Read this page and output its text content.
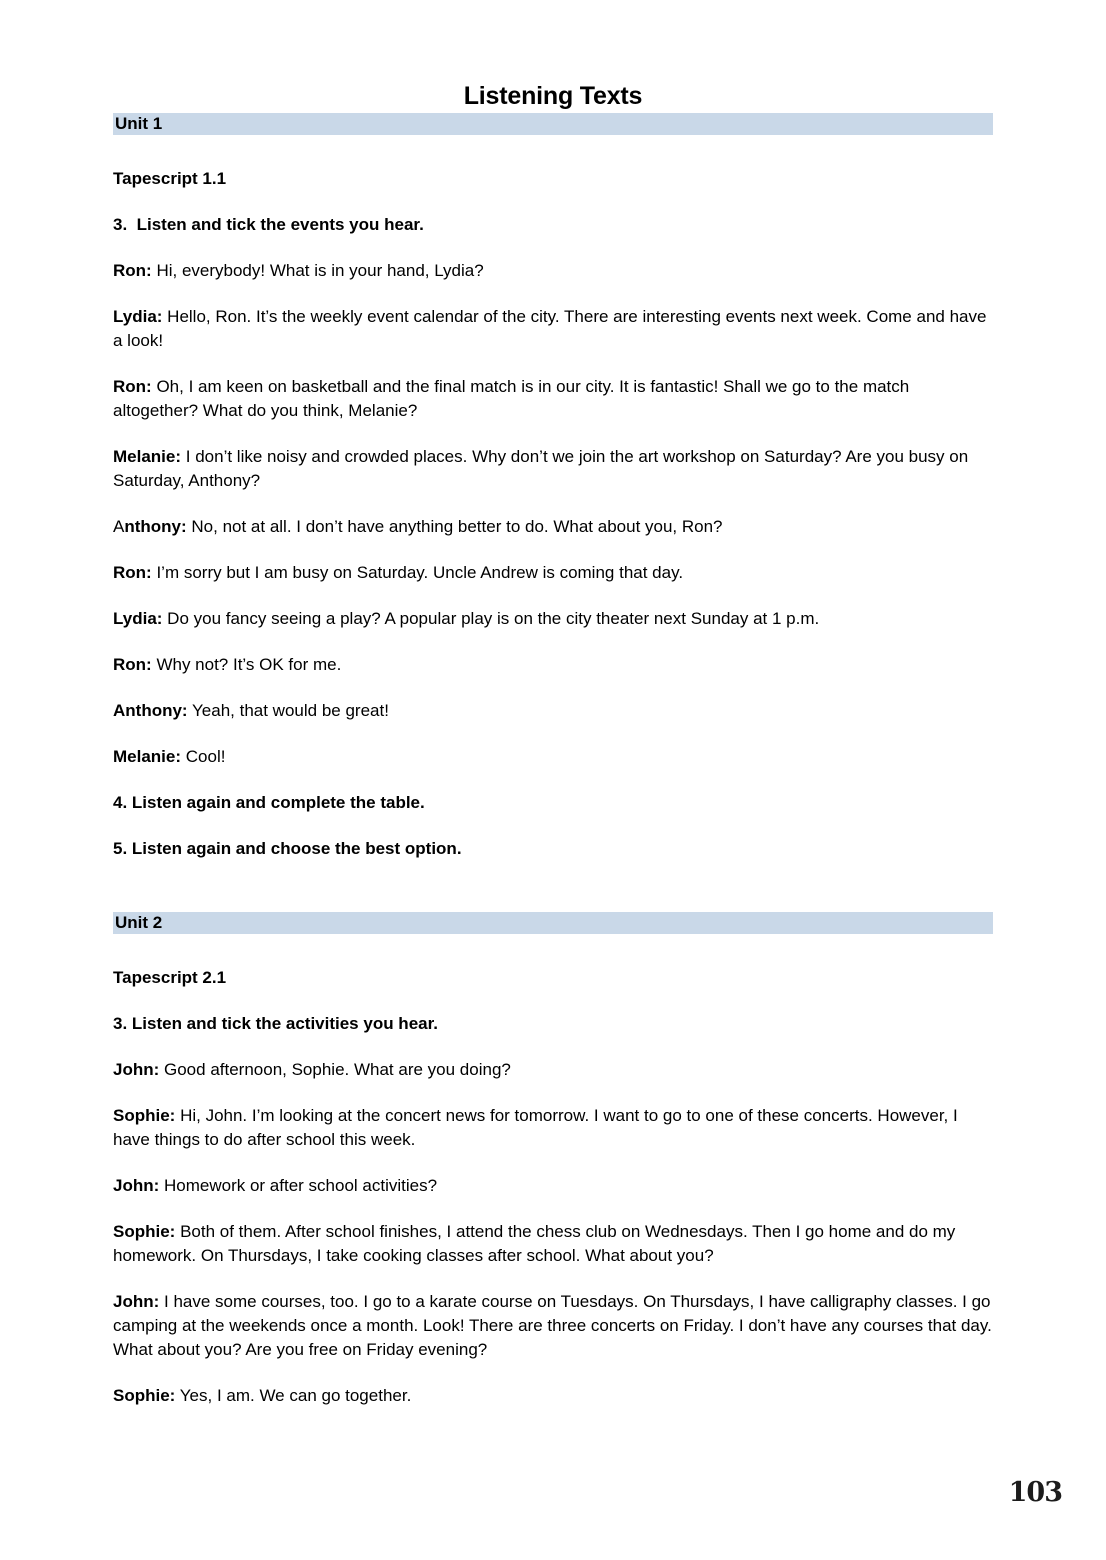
Listening Texts
Unit 1

Tapescript 1.1

3.  Listen and tick the events you hear.

Ron: Hi, everybody! What is in your hand, Lydia?

Lydia: Hello, Ron. It’s the weekly event calendar of the city. There are interesting events next week. Come and have a look!

Ron: Oh, I am keen on basketball and the final match is in our city. It is fantastic! Shall we go to the match altogether? What do you think, Melanie?

Melanie: I don’t like noisy and crowded places. Why don’t we join the art workshop on Saturday? Are you busy on Saturday, Anthony?

Anthony: No, not at all. I don’t have anything better to do. What about you, Ron?

Ron: I’m sorry but I am busy on Saturday. Uncle Andrew is coming that day.

Lydia: Do you fancy seeing a play? A popular play is on the city theater next Sunday at 1 p.m.

Ron: Why not? It’s OK for me.

Anthony: Yeah, that would be great!

Melanie: Cool!

4. Listen again and complete the table.

5. Listen again and choose the best option.

Unit 2

Tapescript 2.1

3. Listen and tick the activities you hear.

John: Good afternoon, Sophie. What are you doing?

Sophie: Hi, John. I’m looking at the concert news for tomorrow. I want to go to one of these concerts. However, I have things to do after school this week.

John: Homework or after school activities?

Sophie: Both of them. After school finishes, I attend the chess club on Wednesdays. Then I go home and do my homework. On Thursdays, I take cooking classes after school. What about you?

John: I have some courses, too. I go to a karate course on Tuesdays. On Thursdays, I have calligraphy classes. I go camping at the weekends once a month. Look! There are three concerts on Friday. I don’t have any courses that day. What about you? Are you free on Friday evening?

Sophie: Yes, I am. We can go together.

103
